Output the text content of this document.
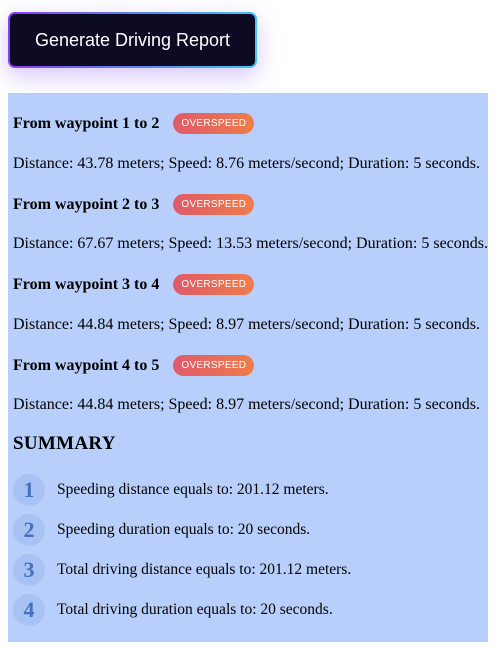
Generate Driving Report
From waypoint 1 to 2	OVERSPEED
Distance: 43.78 meters; Speed: 8.76 meters/second; Duration: 5 seconds.
From waypoint 2 to 3	OVERSPEED
Distance: 67.67 meters; Speed: 13.53 meters/second; Duration: 5 seconds.
From waypoint 3 to 4	OVERSPEED
Distance: 44.84 meters; Speed: 8.97 meters/second; Duration: 5 seconds.
From waypoint 4 to 5	OVERSPEED
Distance: 44.84 meters; Speed: 8.97 meters/second; Duration: 5 seconds.
SUMMARY
1	Speeding distance equals to: 201.12 meters.
2	Speeding duration equals to: 20 seconds.
3	Total driving distance equals to: 201.12 meters.
4	Total driving duration equals to: 20 seconds.
